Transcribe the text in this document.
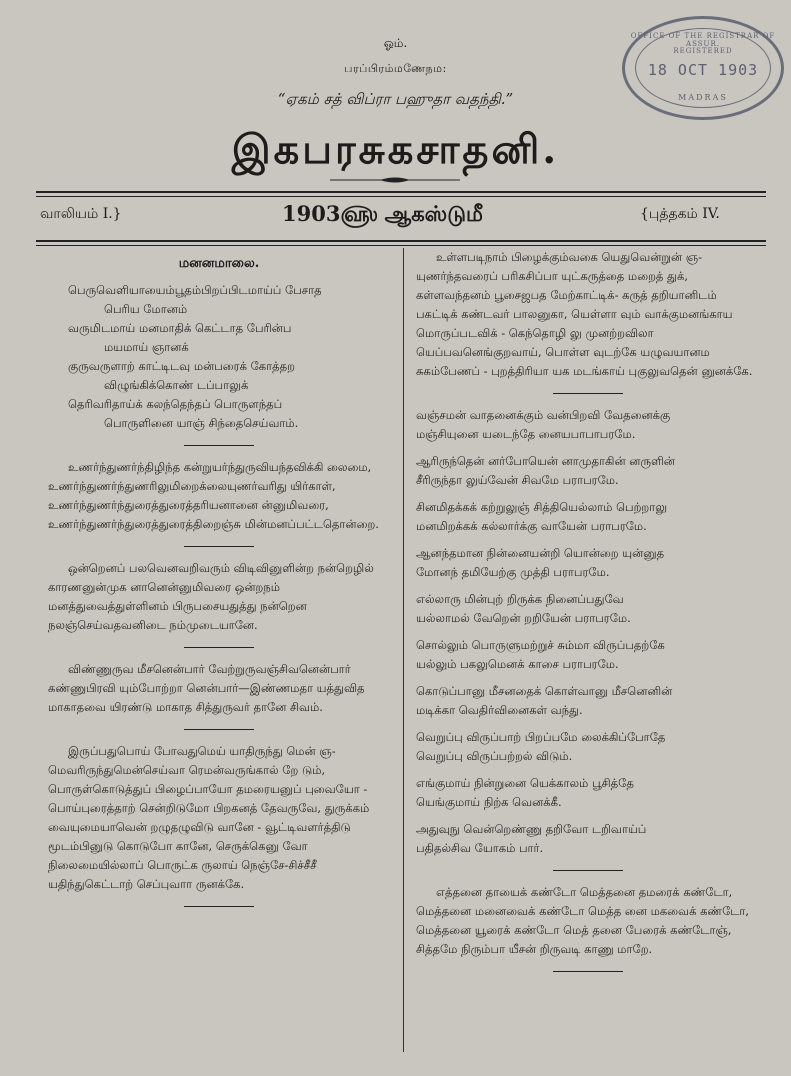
ஓம்.
பரப்பிரம்மணேநம:
“ஏகம் சத் விப்ரா பஹுதா வதந்தி.”
இகபரசுகசாதனி.
OFFICE OF THE REGISTRAR OF ASSUR.
REGISTERED
18 OCT 1903
MADRAS
வாலியம் I.}	1903௵ ஆகஸ்டுமீ	{புத்தகம் IV.
மனனமாலை.

பெருவெளியாயைம்பூதம்பிறப்பிடமாய்ப் பேசாத

பெரிய மோனம்

வருமிடமாய் மனமாதிக் கெட்டாத பேரின்ப

மயமாய் ஞானக்

குருவருளாற் காட்டிடவு மன்பரைக் கோத்தற

விழுங்கிக்கொண் டப்பாலுக்

தெரிவரிதாய்க் கலந்தெந்தப் பொருளந்தப்

பொருளினை யாஞ் சிந்தைசெய்வாம்.

உணர்ந்துணர்ந்திழிந்த கன்றுயர்ந்துருவியந்தவிக்கி லைமை, உணர்ந்துணர்ந்துணரிலுமிறைக்லையுணர்வரிது யிர்காள், உணர்ந்துணர்ந்துரைத்துரைத்தரியனானை ன்னுமிவரை, உணர்ந்துணர்ந்துரைத்துரைத்திறைஞ்சு மின்மனப்பட்டதொன்றை.

ஒன்றெனப் பலவெனவறிவரும் விடிவினுளின்ற நன்றெழில் காரணனுன்முக னானென்னுமிவரை ஒன்றநம் மனத்துவைத்துள்ளினம் பிருபசையதுத்து நன்றென நலஞ்செய்வதவனிடை நம்முடையானே.

விண்ணுருவ மீசனென்பார் வேற்றுருவஞ்சிவனென்பார் கண்ணுபிரவி யும்போற்றா னென்பார்—இண்ணமதா யத்துவித மாகாதவை யிரண்டு மாகாத சித்துருவர் தானே சிவம்.

இருப்பதுபொய் போவதுமெய் யாதிருந்து மென் ஞ-மெவரிருந்துமென்செய்வா ரெமன்வருங்கால் றே டும், பொருள்கொடுத்துப் பிழைப்பாயோ தமரையனுப் புவையோ - பொய்புரைத்தாற் சென்றிடுமோ பிறகனத் தேவருவே, துருக்கம் வையுமையாவென் றழுதழுவிடு வானே - வூட்டிவளர்த்திடு மூடம்பினுடு கொடுபோ கானே, செருக்கெனு வோ நிலைமையில்லாப் பொருட்க ருலாய் நெஞ்சே-சிச்சீசீ யதிந்துகெட்டாற் செப்புவாா ருனக்கே.

உள்ளபடிநாம் பிழைக்கும்வகை யெதுவென்றுன் ஞ-யுணர்ந்தவரைப் பரிகசிப்பா யுட்கருத்தை மறைத் துக், கள்ளவந்தனம் பூசைஜபத மேற்காட்டிக்- கருத் தறியானிடம் பகட்டிக் கண்டவர் பாலனுகா, யெள்ளா வும் வாக்குமனங்காய மொருப்படவிக் - கெந்தொழி லு முனற்றவிலா யெப்பவனெங்குறவாய், பொள்ள வுடற்கே யழுவயானம சுகம்பேணப் - புறத்திரியா யக மடங்காய் புகுலுவதென் னுனக்கே.

வஞ்சமன் வாதனைக்கும் வன்பிறவி வேதனைக்கு

மஞ்சியுனை யடைந்தே னையபாபாபரமே.

ஆரிருந்தென் னர்போயென் னாமுதாகின் னருளின்

சீரிருந்தா லுய்வேன் சிவமே பராபரமே.

சினமிதக்கக் கற்றுலுஞ் சித்தியெல்லாம் பெற்றாலு

மனமிறக்கக் கல்லார்க்கு வாயேன் பராபரமே.

ஆனந்தமான நின்னையன்றி யொன்றை யுன்னுத

மோனந் தமியேற்கு முத்தி பராபரமே.

எல்லாரு மின்புற் றிருக்க நினைப்பதுவே

யல்லாமல் வேறென் றறியேன் பராபரமே.

சொல்லும் பொருளுமற்றுச் சும்மா விருப்பதற்கே

யல்லும் பகலுமெனக் காசை பராபரமே.

கொடுப்பானு மீசனதைக் கொள்வானு மீசனெனின்

மடிக்கா வெதிர்வினைகள் வந்து.

வெறுப்பு விருப்பாற் பிறப்பமே லைக்கிப்போதே

வெறுப்பு விருப்பற்றல் விடும்.

எங்குமாய் நின்றுனை யெக்காலம் பூசித்தே

யெங்குமாய் நிற்க வெனக்கீ.

அதுவுநு வென்றெண்ணு தறிவோ டறிவாய்ப்

பதிதல்சிவ யோகம் பார்.

எத்தனை தாயைக் கண்டோ மெத்தனை தமரைக் கண்டோ, மெத்தனை மனைவைக் கண்டோ மெத்த னை மகவைக் கண்டோ, மெத்தனை யூரைக் கண்டோ மெத் தனை பேரைக் கண்டோஞ், சித்தமே நிரும்பா யீசன் றிருவடி காணு மாறே.
